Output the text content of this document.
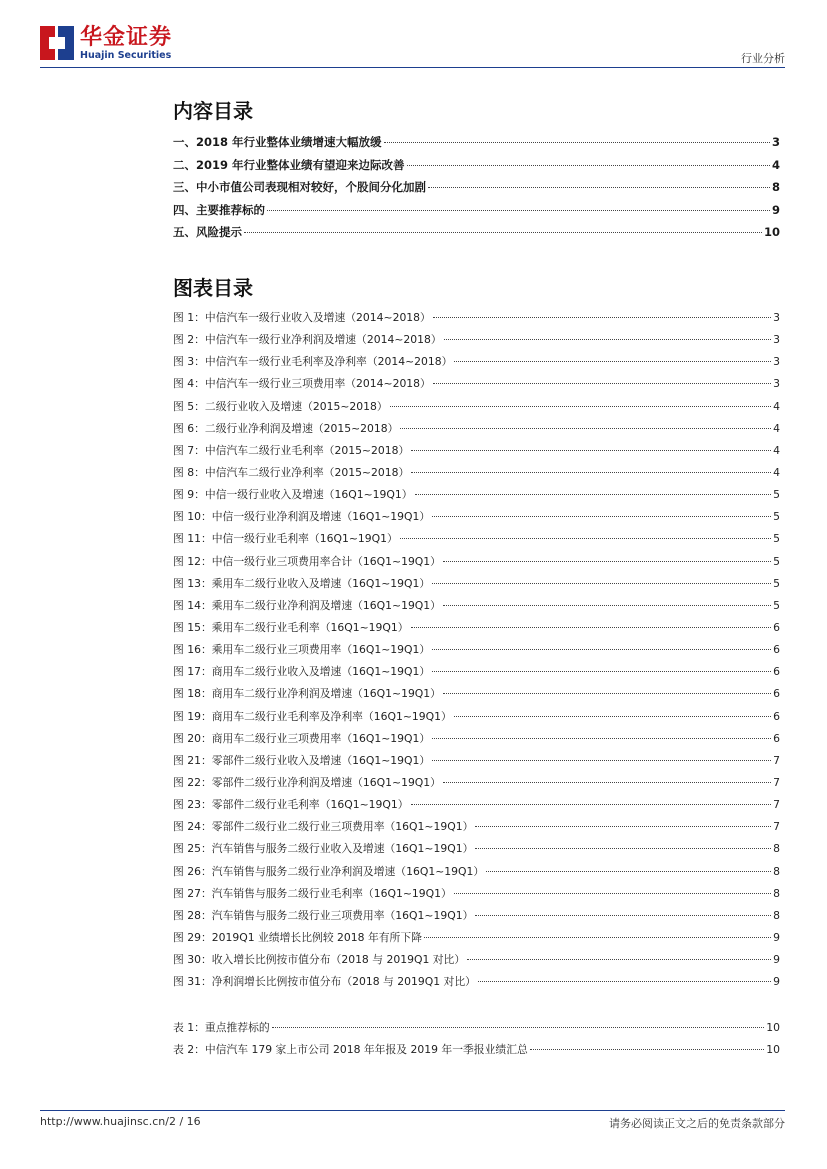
华金证券
Huajin Securities	行业分析
内容目录
一、2018 年行业整体业绩增速大幅放缓	3
二、2019 年行业整体业绩有望迎来边际改善	4
三、中小市值公司表现相对较好，个股间分化加剧	8
四、主要推荐标的	9
五、风险提示	10
图表目录
图 1：中信汽车一级行业收入及增速（2014~2018）	3
图 2：中信汽车一级行业净利润及增速（2014~2018）	3
图 3：中信汽车一级行业毛利率及净利率（2014~2018）	3
图 4：中信汽车一级行业三项费用率（2014~2018）	3
图 5：二级行业收入及增速（2015~2018）	4
图 6：二级行业净利润及增速（2015~2018）	4
图 7：中信汽车二级行业毛利率（2015~2018）	4
图 8：中信汽车二级行业净利率（2015~2018）	4
图 9：中信一级行业收入及增速（16Q1~19Q1）	5
图 10：中信一级行业净利润及增速（16Q1~19Q1）	5
图 11：中信一级行业毛利率（16Q1~19Q1）	5
图 12：中信一级行业三项费用率合计（16Q1~19Q1）	5
图 13：乘用车二级行业收入及增速（16Q1~19Q1）	5
图 14：乘用车二级行业净利润及增速（16Q1~19Q1）	5
图 15：乘用车二级行业毛利率（16Q1~19Q1）	6
图 16：乘用车二级行业三项费用率（16Q1~19Q1）	6
图 17：商用车二级行业收入及增速（16Q1~19Q1）	6
图 18：商用车二级行业净利润及增速（16Q1~19Q1）	6
图 19：商用车二级行业毛利率及净利率（16Q1~19Q1）	6
图 20：商用车二级行业三项费用率（16Q1~19Q1）	6
图 21：零部件二级行业收入及增速（16Q1~19Q1）	7
图 22：零部件二级行业净利润及增速（16Q1~19Q1）	7
图 23：零部件二级行业毛利率（16Q1~19Q1）	7
图 24：零部件二级行业二级行业三项费用率（16Q1~19Q1）	7
图 25：汽车销售与服务二级行业收入及增速（16Q1~19Q1）	8
图 26：汽车销售与服务二级行业净利润及增速（16Q1~19Q1）	8
图 27：汽车销售与服务二级行业毛利率（16Q1~19Q1）	8
图 28：汽车销售与服务二级行业三项费用率（16Q1~19Q1）	8
图 29：2019Q1 业绩增长比例较 2018 年有所下降	9
图 30：收入增长比例按市值分布（2018 与 2019Q1 对比）	9
图 31：净利润增长比例按市值分布（2018 与 2019Q1 对比）	9
表 1：重点推荐标的	10
表 2：中信汽车 179 家上市公司 2018 年年报及 2019 年一季报业绩汇总	10
http://www.huajinsc.cn/2 / 16	请务必阅读正文之后的免责条款部分
